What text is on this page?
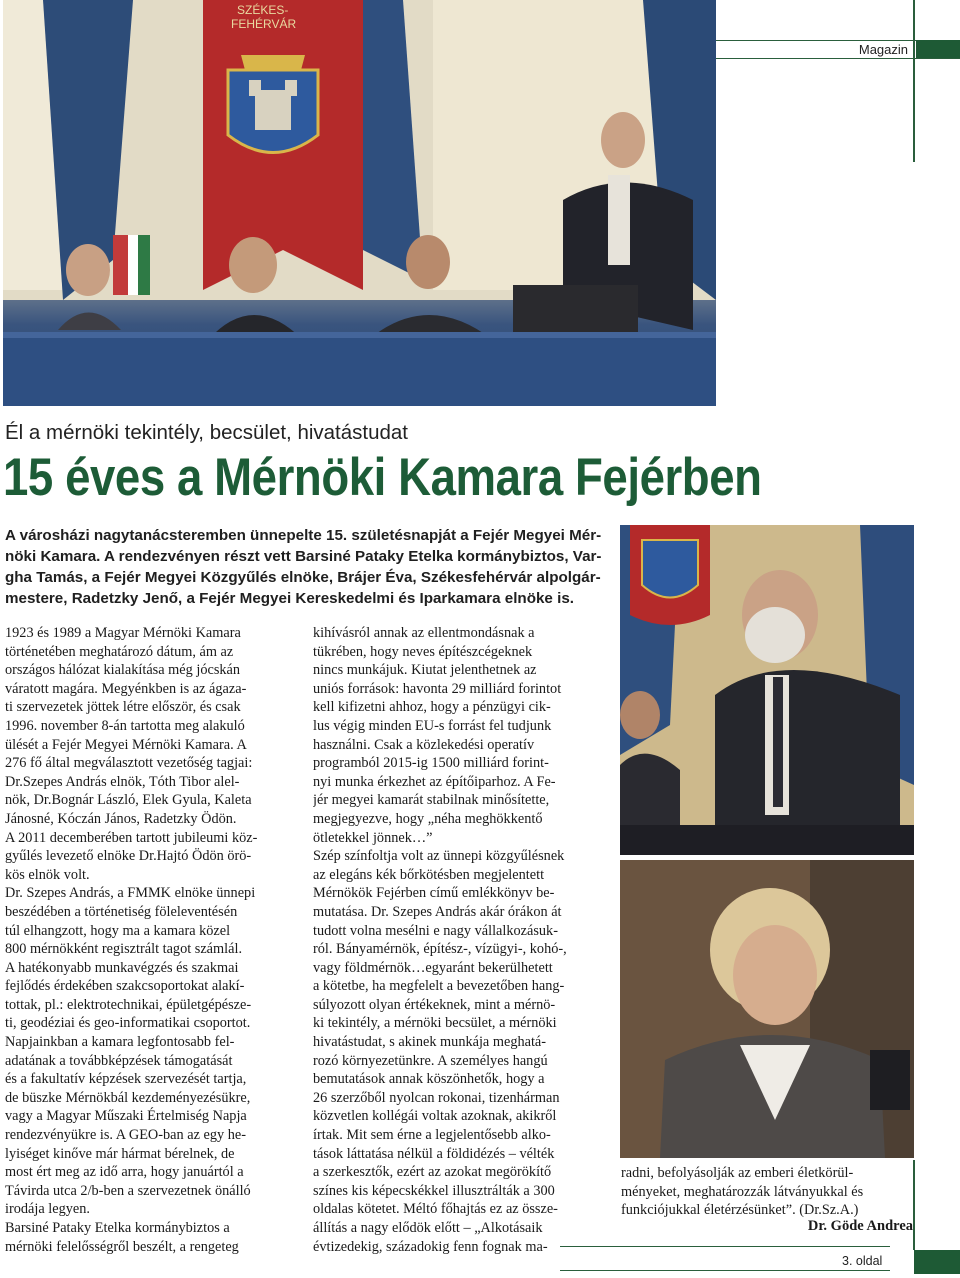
Magazin
SZÉKES-
FEHÉRVÁR
Él a mérnöki tekintély, becsület, hivatástudat
15 éves a Mérnöki Kamara Fejérben
A városházi nagytanácsteremben ünnepelte 15. születésnapját a Fejér Megyei Mér-
nöki Kamara. A rendezvényen részt vett Barsiné Pataky Etelka kormánybiztos, Var-
gha Tamás, a Fejér Megyei Közgyűlés elnöke, Brájer Éva, Székesfehérvár alpolgár-
mestere, Radetzky Jenő, a Fejér Megyei Kereskedelmi és Iparkamara elnöke is.
1923 és 1989 a Magyar Mérnöki Kamara
történetében meghatározó dátum, ám az
országos hálózat kialakítása még jócskán
váratott magára. Megyénkben is az ágaza-
ti szervezetek jöttek létre először, és csak
1996. november 8-án tartotta meg alakuló
ülését a Fejér Megyei Mérnöki Kamara. A
276 fő által megválasztott vezetőség tagjai:
Dr.Szepes András elnök, Tóth Tibor alel-
nök, Dr.Bognár László, Elek Gyula, Kaleta
Jánosné, Kóczán János, Radetzky Ödön.
A 2011 decemberében tartott jubileumi köz-
gyűlés levezető elnöke Dr.Hajtó Ödön örö-
kös elnök volt.
Dr. Szepes András, a FMMK elnöke ünnepi
beszédében a történetiség föleleventésén
túl elhangzott, hogy ma a kamara közel
800 mérnökként regisztrált tagot számlál.
A hatékonyabb munkavégzés és szakmai
fejlődés érdekében szakcsoportokat alakí-
tottak, pl.: elektrotechnikai, épületgépésze-
ti, geodéziai és geo-informatikai csoportot.
Napjainkban a kamara legfontosabb fel-
adatának a továbbképzések támogatását
és a fakultatív képzések szervezését tartja,
de büszke Mérnökbál kezdeményezésükre,
vagy a Magyar Műszaki Értelmiség Napja
rendezvényükre is. A GEO-ban az egy he-
lyiséget kinőve már hármat bérelnek, de
most ért meg az idő arra, hogy januártól a
Távirda utca 2/b-ben a szervezetnek önálló
irodája legyen.
Barsiné Pataky Etelka kormánybiztos a
mérnöki felelősségről beszélt, a rengeteg
kihívásról annak az ellentmondásnak a
tükrében, hogy neves építészcégeknek
nincs munkájuk. Kiutat jelenthetnek az
uniós források: havonta 29 milliárd forintot
kell kifizetni ahhoz, hogy a pénzügyi cik-
lus végig minden EU-s forrást fel tudjunk
használni. Csak a közlekedési operatív
programból 2015-ig 1500 milliárd forint-
nyi munka érkezhet az építőiparhoz. A Fe-
jér megyei kamarát stabilnak minősítette,
megjegyezve, hogy „néha meghökkentő
ötletekkel jönnek…”
Szép színfoltja volt az ünnepi közgyűlésnek
az elegáns kék bőrkötésben megjelentett
Mérnökök Fejérben című emlékkönyv be-
mutatása. Dr. Szepes András akár órákon át
tudott volna mesélni e nagy vállalkozásuk-
ról. Bányamérnök, építész-, vízügyi-, kohó-,
vagy földmérnök…egyaránt bekerülhetett
a kötetbe, ha megfelelt a bevezetőben hang-
súlyozott olyan értékeknek, mint a mérnö-
ki tekintély, a mérnöki becsület, a mérnöki
hivatástudat, s akinek munkája meghatá-
rozó környezetünkre. A személyes hangú
bemutatások annak köszönhetők, hogy a
26 szerzőből nyolcan rokonai, tizenhárman
közvetlen kollégái voltak azoknak, akikről
írtak. Mit sem érne a legjelentősebb alko-
tások láttatása nélkül a földidézés – vélték
a szerkesztők, ezért az azokat megörökítő
színes kis képecskékkel illusztrálták a 300
oldalas kötetet. Méltó főhajtás ez az össze-
állítás a nagy elődök előtt – „Alkotásaik
évtizedekig, századokig fenn fognak ma-
radni, befolyásolják az emberi életkörül-
ményeket, meghatározzák látványukkal és
funkciójukkal életérzésünket”. (Dr.Sz.A.)
Dr. Göde Andrea
3. oldal
